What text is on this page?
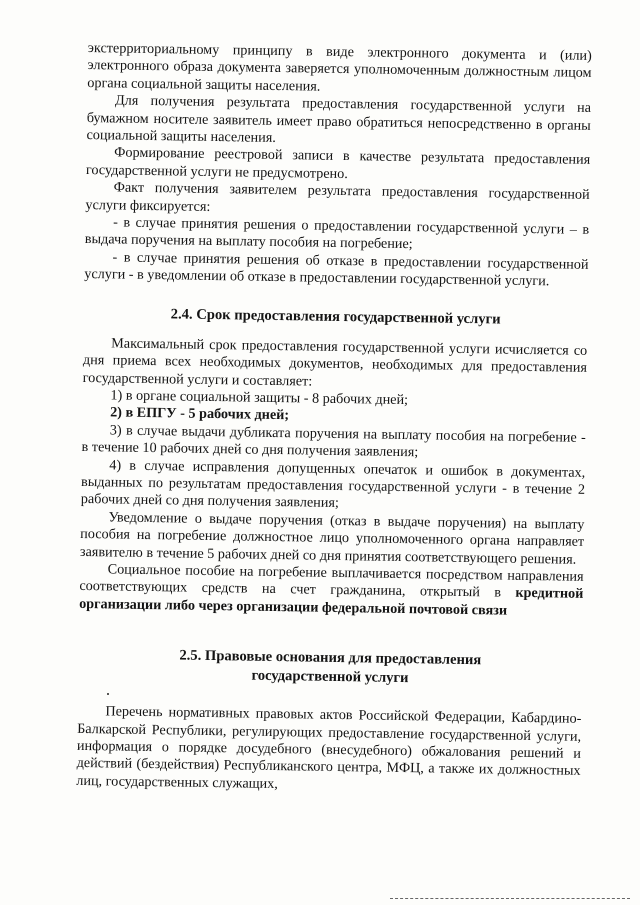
экстерриториальному принципу в виде электронного документа и (или) электронного образа документа заверяется уполномоченным должностным лицом органа социальной защиты населения.

Для получения результата предоставления государственной услуги на бумажном носителе заявитель имеет право обратиться непосредственно в органы социальной защиты населения.

Формирование реестровой записи в качестве результата предоставления государственной услуги не предусмотрено.

Факт получения заявителем результата предоставления государственной услуги фиксируется:

- в случае принятия решения о предоставлении государственной услуги – в выдача поручения на выплату пособия на погребение;

- в случае принятия решения об отказе в предоставлении государственной услуги - в уведомлении об отказе в предоставлении государственной услуги.

2.4. Срок предоставления государственной услуги

Максимальный срок предоставления государственной услуги исчисляется со дня приема всех необходимых документов, необходимых для предоставления государственной услуги и составляет:

1) в органе социальной защиты - 8 рабочих дней;

2) в ЕПГУ - 5 рабочих дней;

3) в случае выдачи дубликата поручения на выплату пособия на погребение - в течение 10 рабочих дней со дня получения заявления;

4) в случае исправления допущенных опечаток и ошибок в документах, выданных по результатам предоставления государственной услуги - в течение 2 рабочих дней со дня получения заявления;

Уведомление о выдаче поручения (отказ в выдаче поручения) на выплату пособия на погребение должностное лицо уполномоченного органа направляет заявителю в течение 5 рабочих дней со дня принятия соответствующего решения.

Социальное пособие на погребение выплачивается посредством направления соответствующих средств на счет гражданина, открытый в кредитной организации либо через организации федеральной почтовой связи

2.5. Правовые основания для предоставления
государственной услуги

Перечень нормативных правовых актов Российской Федерации, Кабардино-Балкарской Республики, регулирующих предоставление государственной услуги, информация о порядке досудебного (внесудебного) обжалования решений и действий (бездействия) Республиканского центра, МФЦ, а также их должностных лиц, государственных служащих,
